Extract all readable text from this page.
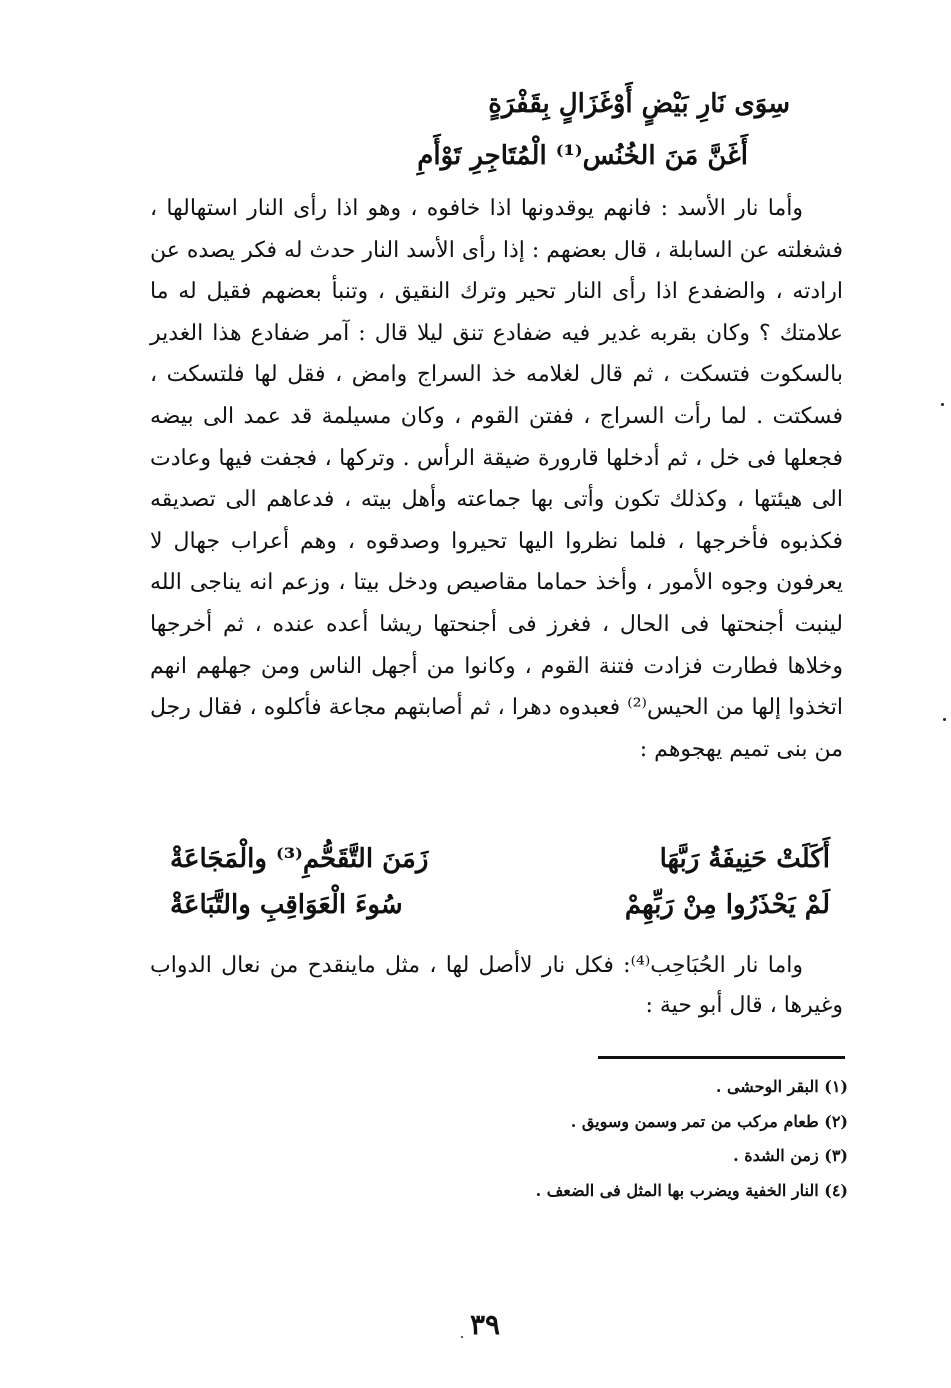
سِوَى نَارِ بَيْضٍ أَوْغَزَالٍ بِقَفْرَةٍ
أَغَنَّ مَنَ الخُنُس⁽¹⁾ الْمُتَاجِرِ تَوْأَمِ

وأما نار الأسد : فانهم يوقدونها اذا خافوه ، وهو اذا رأى النار استهالها ، فشغلته عن السابلة ، قال بعضهم : إذا رأى الأسد النار حدث له فكر يصده عن ارادته ، والضفدع اذا رأى النار تحير وترك النقيق ، وتنبأ بعضهم فقيل له ما علامتك ؟ وكان بقربه غدير فيه ضفادع تنق ليلا قال : آمر ضفادع هذا الغدير بالسكوت فتسكت ، ثم قال لغلامه خذ السراج وامض ، فقل لها فلتسكت ، فسكتت . لما رأت السراج ، ففتن القوم ، وكان مسيلمة قد عمد الى بيضه فجعلها فى خل ، ثم أدخلها قارورة ضيقة الرأس . وتركها ، فجفت فيها وعادت الى هيئتها ، وكذلك تكون وأتى بها جماعته وأهل بيته ، فدعاهم الى تصديقه فكذبوه فأخرجها ، فلما نظروا اليها تحيروا وصدقوه ، وهم أعراب جهال لا يعرفون وجوه الأمور ، وأخذ حماما مقاصيص ودخل بيتا ، وزعم انه يناجى الله لينبت أجنحتها فى الحال ، فغرز فى أجنحتها ريشا أعده عنده ، ثم أخرجها وخلاها فطارت فزادت فتنة القوم ، وكانوا من أجهل الناس ومن جهلهم انهم اتخذوا إلها من الحيس⁽²⁾ فعبدوه دهرا ، ثم أصابتهم مجاعة فأكلوه ، فقال رجل من بنى تميم يهجوهم :

أَكَلَتْ حَنِيفَةُ رَبَّهَا
زَمَنَ التَّقَحُّمِ⁽³⁾ والْمَجَاعَةْ
لَمْ يَحْذَرُوا مِنْ رَبِّهِمْ
سُوءَ الْعَوَاقِبِ والتَّبَاعَةْ

واما نار الحُبَاحِب⁽⁴⁾: فكل نار لاأصل لها ، مثل ماينقدح من نعال الدواب وغيرها ، قال أبو حية :

(١) البقر الوحشى .
(٢) طعام مركب من تمر وسمن وسويق .
(٣) زمن الشدة .
(٤) النار الخفية ويضرب بها المثل فى الضعف .
٣٩
